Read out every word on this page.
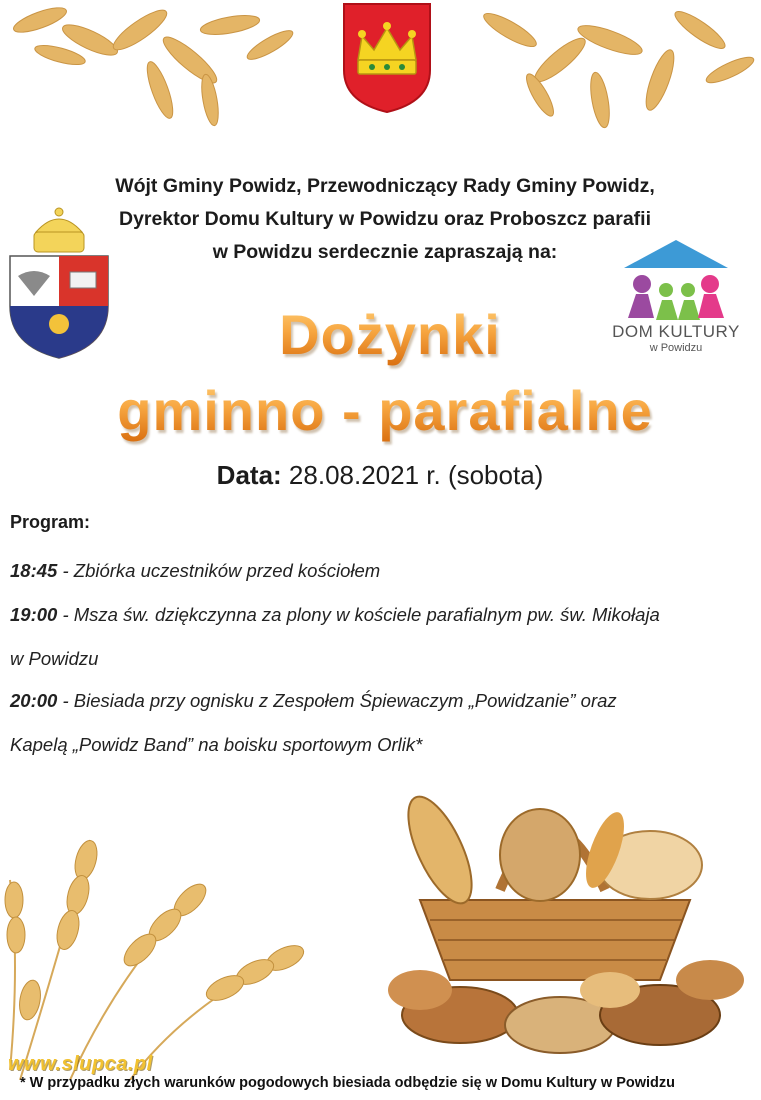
DOM KULTURY
w Powidzu
Wójt Gminy Powidz, Przewodniczący Rady Gminy Powidz,
Dyrektor Domu Kultury w Powidzu oraz Proboszcz parafii
w Powidzu serdecznie zapraszają na:
Dożynki
gminno - parafialne
Data: 28.08.2021 r. (sobota)
Program:
18:45 - Zbiórka uczestników przed kościołem
19:00 - Msza św. dziękczynna za plony w kościele parafialnym pw. św. Mikołaja
w Powidzu
20:00 - Biesiada przy ognisku z Zespołem Śpiewaczym „Powidzanie” oraz
Kapelą „Powidz Band” na boisku sportowym Orlik*
www.slupca.pl
* W przypadku złych warunków pogodowych biesiada odbędzie się w Domu Kultury w Powidzu
